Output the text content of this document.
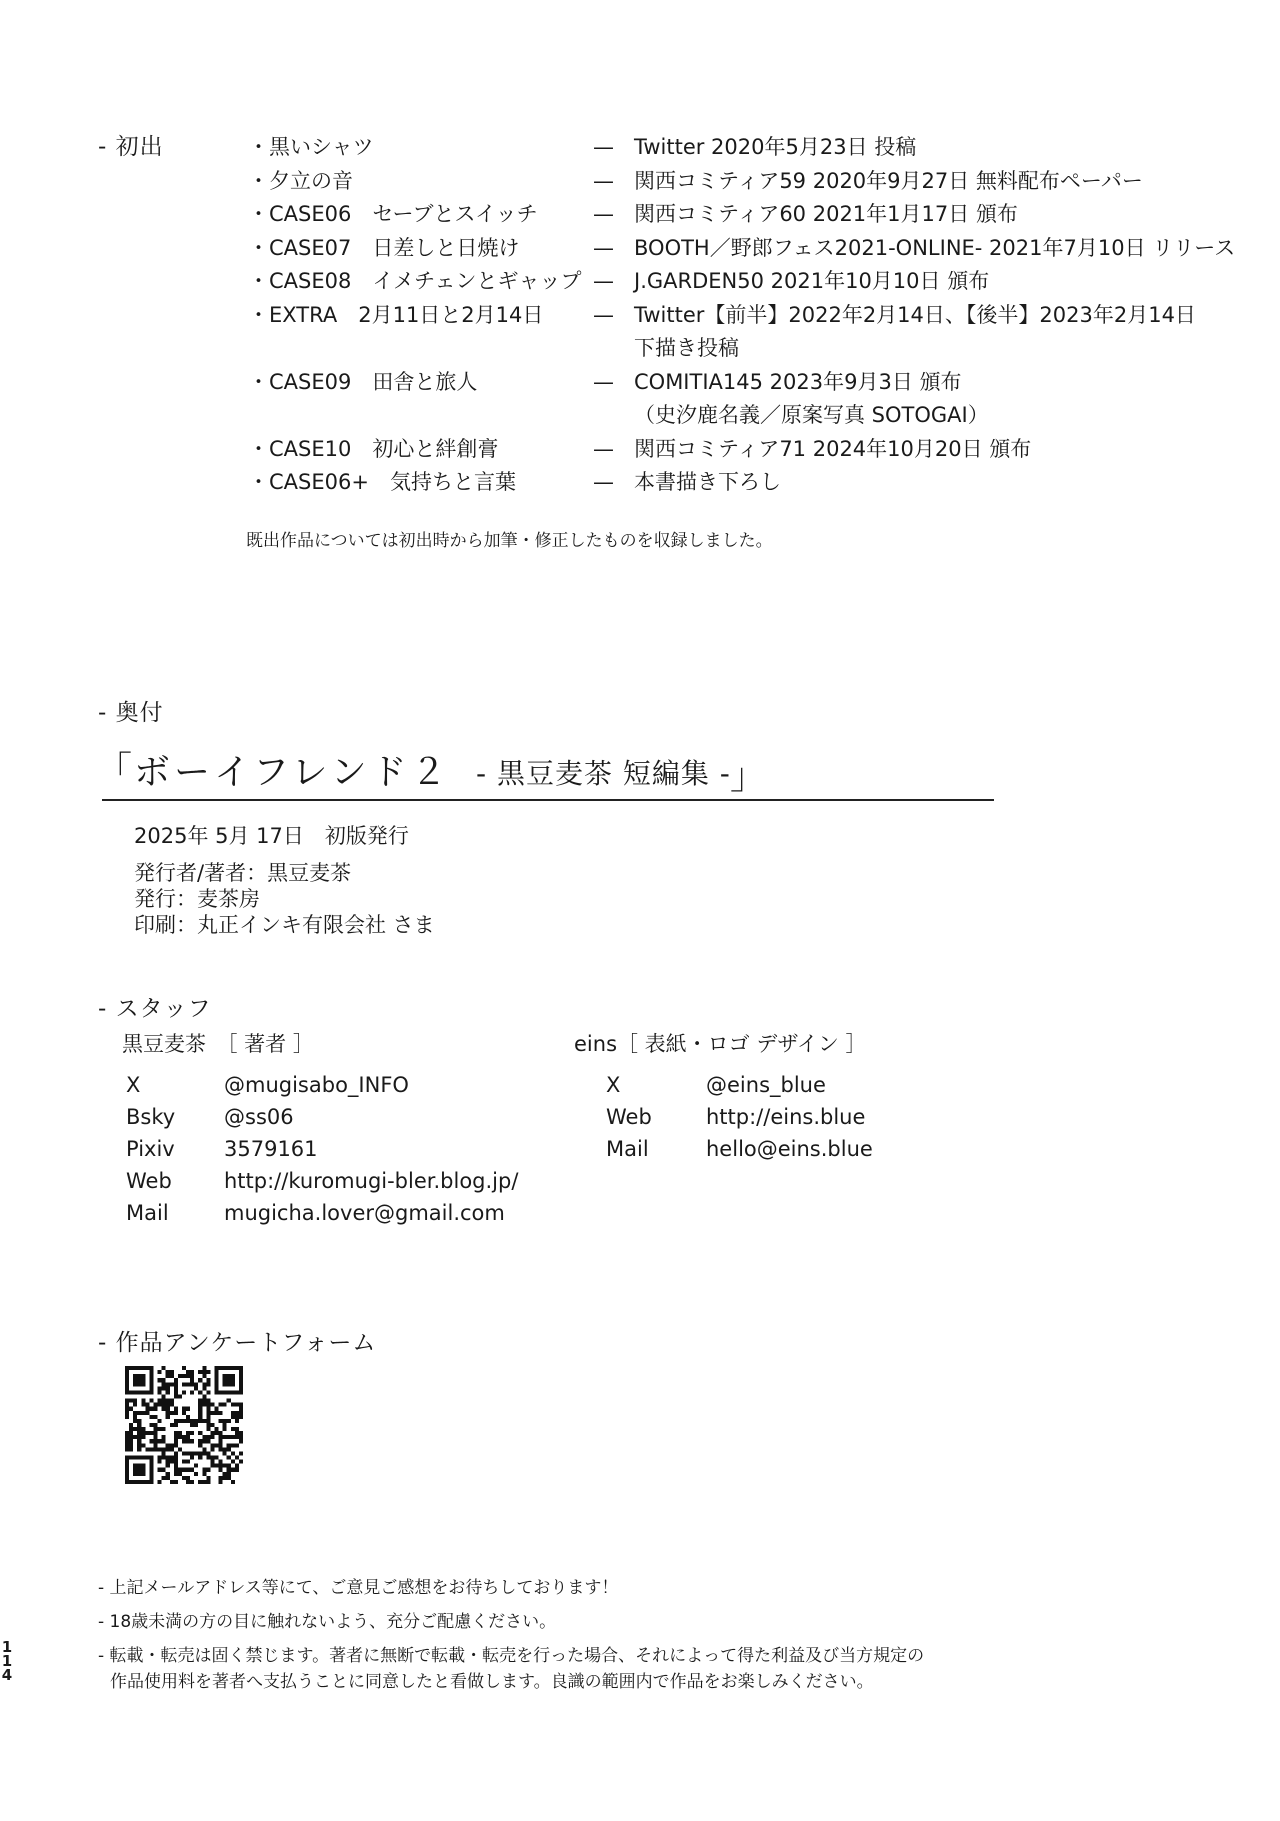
- 初出	・黒いシャツ	— Twitter 2020年5月23日 投稿
・夕立の音	— 関西コミティア59 2020年9月27日 無料配布ペーパー
・CASE06　セーブとスイッチ	— 関西コミティア60 2021年1月17日 頒布
・CASE07　日差しと日焼け	— BOOTH／野郎フェス2021-ONLINE- 2021年7月10日 リリース
・CASE08　イメチェンとギャップ — J.GARDEN50 2021年10月10日 頒布
・EXTRA　2月11日と2月14日 — Twitter【前半】2022年2月14日、【後半】2023年2月14日
下描き投稿
・CASE09　田舎と旅人	— COMITIA145 2023年9月3日 頒布
（史汐鹿名義／原案写真 SOTOGAI）
・CASE10　初心と絆創膏	— 関西コミティア71 2024年10月20日 頒布
・CASE06+　気持ちと言葉	— 本書描き下ろし
既出作品については初出時から加筆・修正したものを収録しました。
- 奥付
「
ボーイフレンド２ - 黒豆麦茶 短編集 - 」
2025年 5月 17日　初版発行
発行者/著者：黒豆麦茶
発行：麦茶房
印刷：丸正インキ有限会社 さま
- スタッフ
黒豆麦茶　［ 著者 ］	eins［ 表紙・ロゴ デザイン ］
X	@mugisabo_INFO
Bsky @ss06
Pixiv 3579161
Web http://kuromugi-bler.blog.jp/
Mail	mugicha.lover@gmail.com
X	@eins_blue
Web	http://eins.blue
Mail	hello@eins.blue
- 作品アンケートフォーム
- 上記メールアドレス等にて、ご意見ご感想をお待ちしております！
- 18歳未満の方の目に触れないよう、充分ご配慮ください。
- 転載・転売は固く禁じます。著者に無断で転載・転売を行った場合、それによって得た利益及び当方規定の
作品使用料を著者へ支払うことに同意したと看做します。良識の範囲内で作品をお楽しみください。
1
1
4
